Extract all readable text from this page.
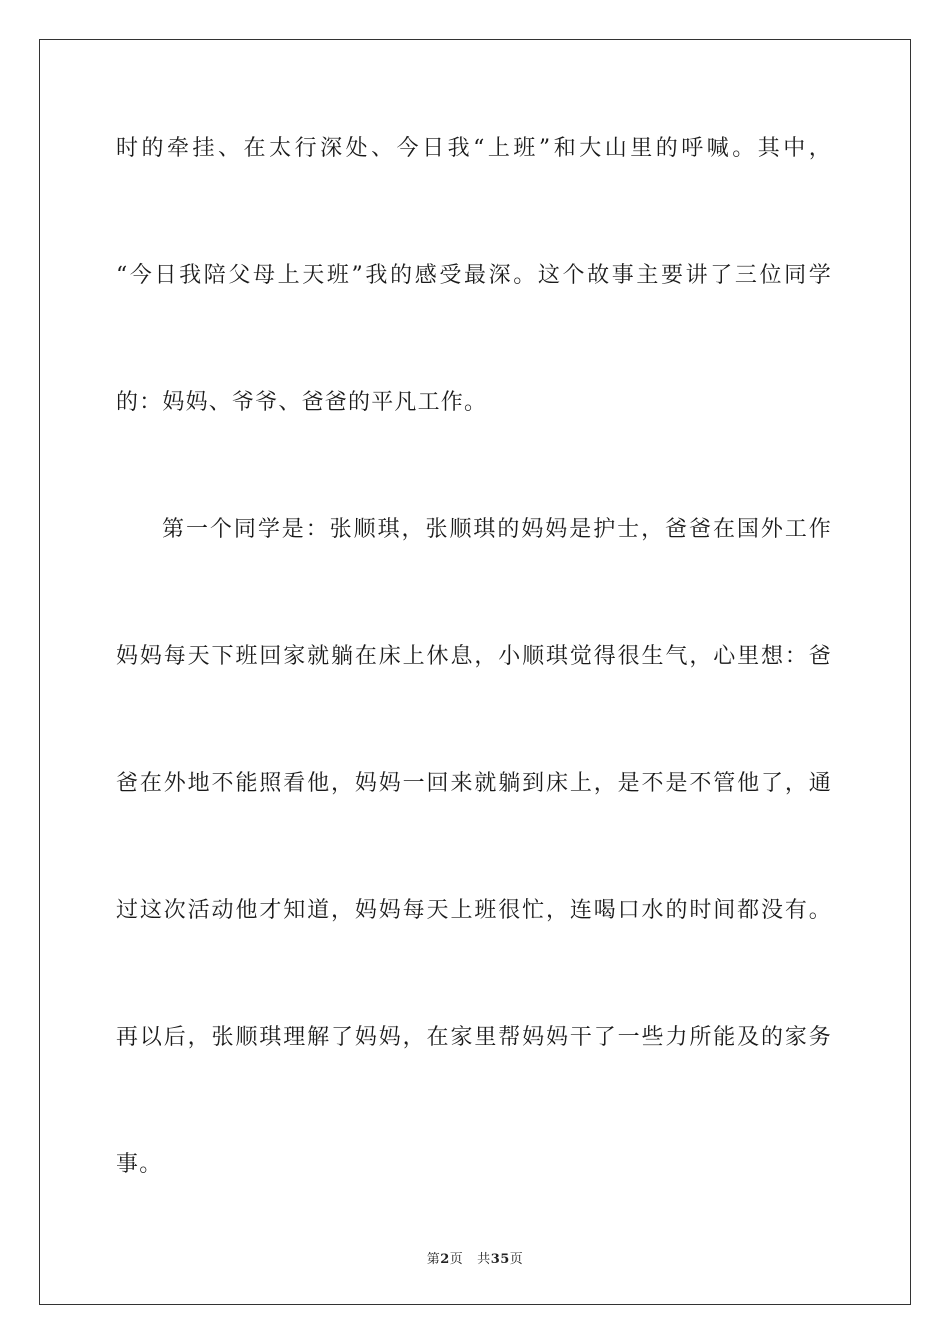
时的牵挂、在太行深处、今日我“上班”和大山里的呼喊。其中，
“今日我陪父母上天班”我的感受最深。这个故事主要讲了三位同学
的：妈妈、爷爷、爸爸的平凡工作。
第一个同学是：张顺琪，张顺琪的妈妈是护士，爸爸在国外工作
妈妈每天下班回家就躺在床上休息，小顺琪觉得很生气，心里想：爸
爸在外地不能照看他，妈妈一回来就躺到床上，是不是不管他了，通
过这次活动他才知道，妈妈每天上班很忙，连喝口水的时间都没有。
再以后，张顺琪理解了妈妈，在家里帮妈妈干了一些力所能及的家务
事。
第2页 共35页
